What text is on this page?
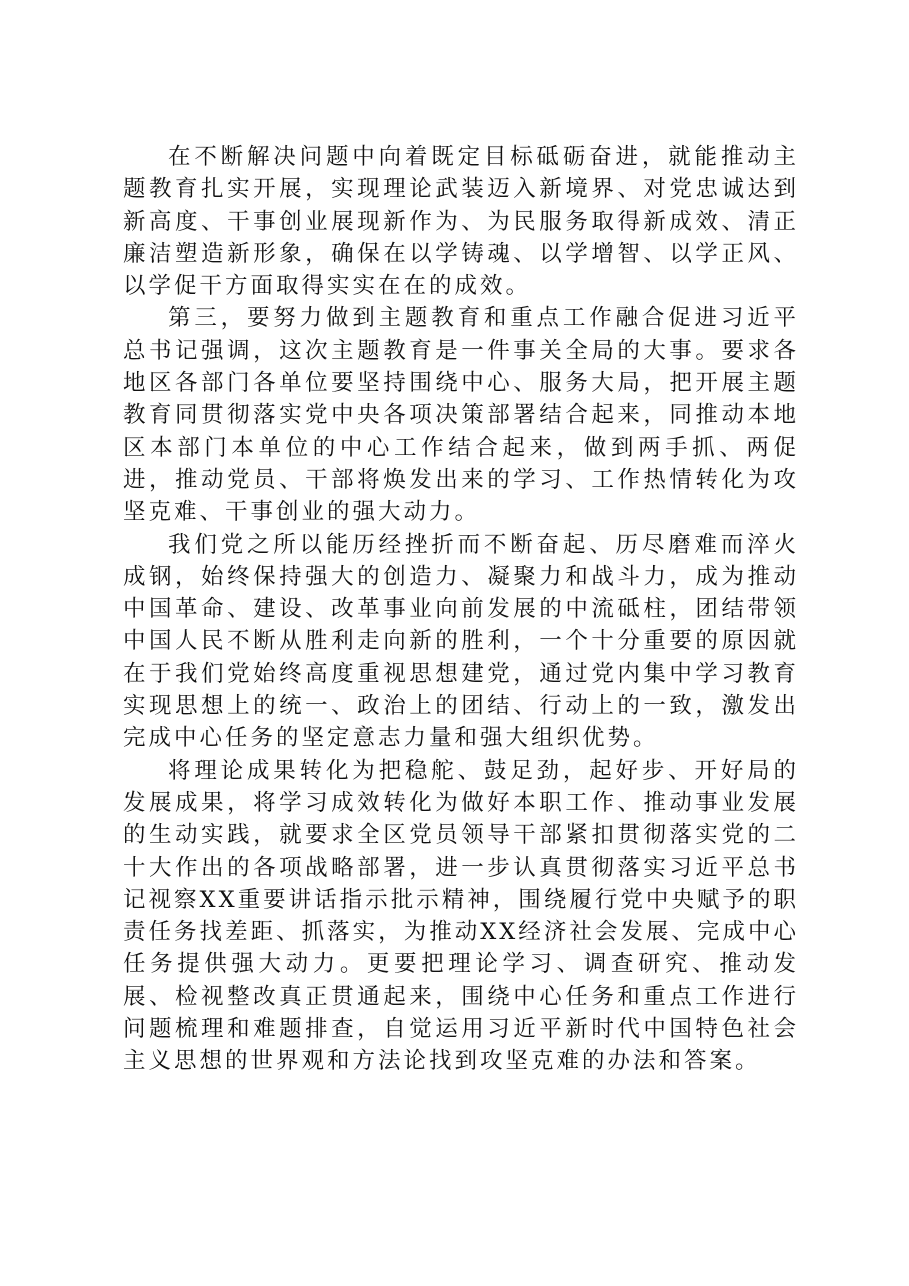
在不断解决问题中向着既定目标砥砺奋进，就能推动主题教育扎实开展，实现理论武装迈入新境界、对党忠诚达到新高度、干事创业展现新作为、为民服务取得新成效、清正廉洁塑造新形象，确保在以学铸魂、以学增智、以学正风、以学促干方面取得实实在在的成效。

第三，要努力做到主题教育和重点工作融合促进习近平总书记强调，这次主题教育是一件事关全局的大事。要求各地区各部门各单位要坚持围绕中心、服务大局，把开展主题教育同贯彻落实党中央各项决策部署结合起来，同推动本地区本部门本单位的中心工作结合起来，做到两手抓、两促进，推动党员、干部将焕发出来的学习、工作热情转化为攻坚克难、干事创业的强大动力。

我们党之所以能历经挫折而不断奋起、历尽磨难而淬火成钢，始终保持强大的创造力、凝聚力和战斗力，成为推动中国革命、建设、改革事业向前发展的中流砥柱，团结带领中国人民不断从胜利走向新的胜利，一个十分重要的原因就在于我们党始终高度重视思想建党，通过党内集中学习教育实现思想上的统一、政治上的团结、行动上的一致，激发出完成中心任务的坚定意志力量和强大组织优势。

将理论成果转化为把稳舵、鼓足劲，起好步、开好局的发展成果，将学习成效转化为做好本职工作、推动事业发展的生动实践，就要求全区党员领导干部紧扣贯彻落实党的二十大作出的各项战略部署，进一步认真贯彻落实习近平总书记视察XX重要讲话指示批示精神，围绕履行党中央赋予的职责任务找差距、抓落实，为推动XX经济社会发展、完成中心任务提供强大动力。更要把理论学习、调查研究、推动发展、检视整改真正贯通起来，围绕中心任务和重点工作进行问题梳理和难题排查，自觉运用习近平新时代中国特色社会主义思想的世界观和方法论找到攻坚克难的办法和答案。
